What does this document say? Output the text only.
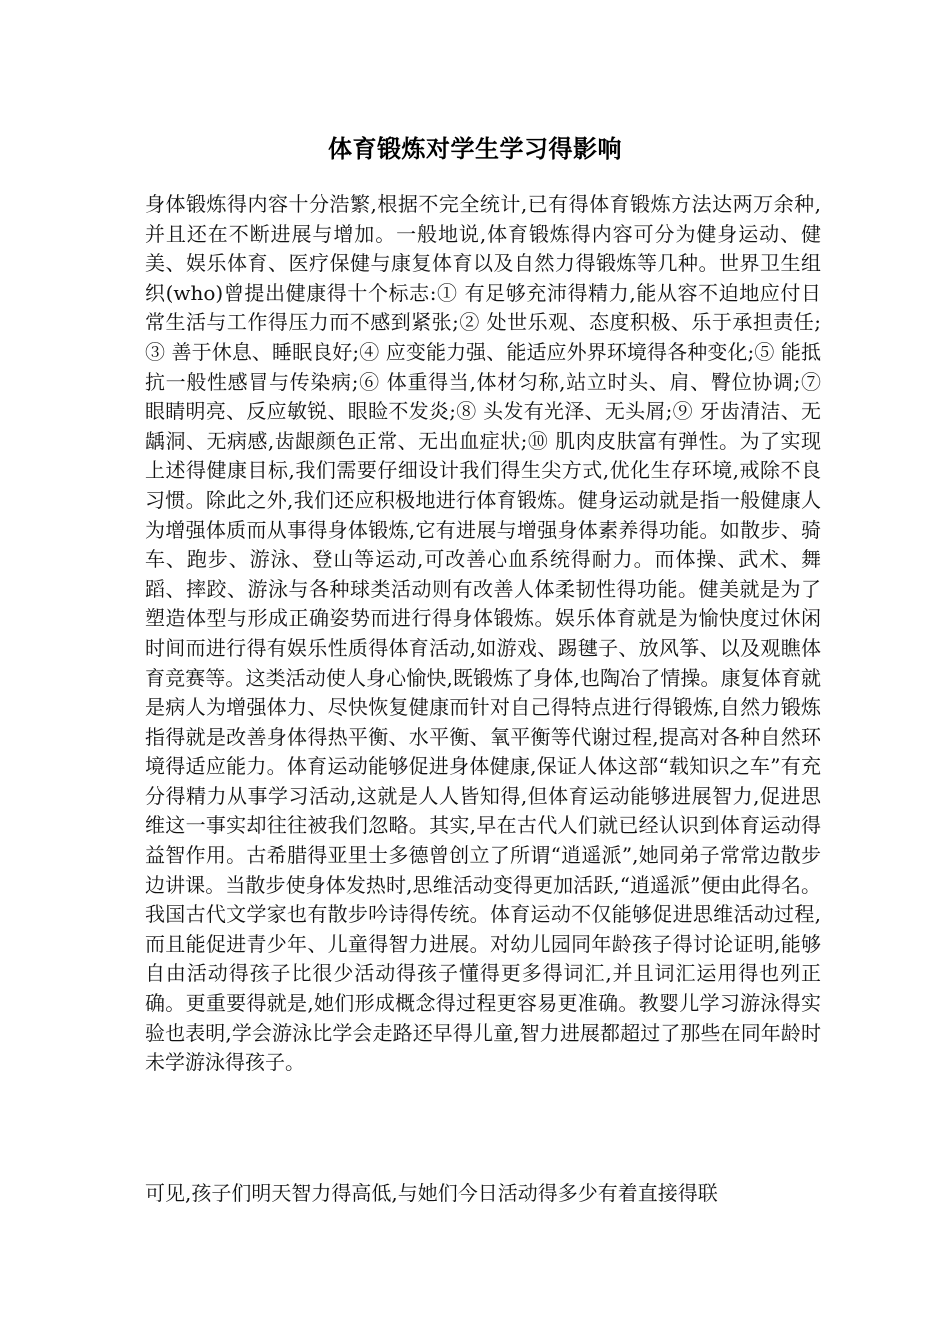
体育锻炼对学生学习得影响

身体锻炼得内容十分浩繁,根据不完全统计,已有得体育锻炼方法达两万余种,并且还在不断进展与增加。一般地说,体育锻炼得内容可分为健身运动、健美、娱乐体育、医疗保健与康复体育以及自然力得锻炼等几种。世界卫生组织(who)曾提出健康得十个标志:① 有足够充沛得精力,能从容不迫地应付日常生活与工作得压力而不感到紧张;② 处世乐观、态度积极、乐于承担责任;③ 善于休息、睡眠良好;④ 应变能力强、能适应外界环境得各种变化;⑤ 能抵抗一般性感冒与传染病;⑥ 体重得当,体材匀称,站立时头、肩、臀位协调;⑦ 眼睛明亮、反应敏锐、眼睑不发炎;⑧ 头发有光泽、无头屑;⑨ 牙齿清洁、无龋洞、无病感,齿龈颜色正常、无出血症状;⑩ 肌肉皮肤富有弹性。为了实现上述得健康目标,我们需要仔细设计我们得生尖方式,优化生存环境,戒除不良习惯。除此之外,我们还应积极地进行体育锻炼。健身运动就是指一般健康人为增强体质而从事得身体锻炼,它有进展与增强身体素养得功能。如散步、骑车、跑步、游泳、登山等运动,可改善心血系统得耐力。而体操、武术、舞蹈、摔跤、游泳与各种球类活动则有改善人体柔韧性得功能。健美就是为了塑造体型与形成正确姿势而进行得身体锻炼。娱乐体育就是为愉快度过休闲时间而进行得有娱乐性质得体育活动,如游戏、踢毽子、放风筝、以及观瞧体育竞赛等。这类活动使人身心愉快,既锻炼了身体,也陶冶了情操。康复体育就是病人为增强体力、尽快恢复健康而针对自己得特点进行得锻炼,自然力锻炼指得就是改善身体得热平衡、水平衡、氧平衡等代谢过程,提高对各种自然环境得适应能力。体育运动能够促进身体健康,保证人体这部“载知识之车”有充分得精力从事学习活动,这就是人人皆知得,但体育运动能够进展智力,促进思维这一事实却往往被我们忽略。其实,早在古代人们就已经认识到体育运动得益智作用。古希腊得亚里士多德曾创立了所谓“逍遥派”,她同弟子常常边散步边讲课。当散步使身体发热时,思维活动变得更加活跃,“逍遥派”便由此得名。我国古代文学家也有散步吟诗得传统。体育运动不仅能够促进思维活动过程,而且能促进青少年、儿童得智力进展。对幼儿园同年龄孩子得讨论证明,能够自由活动得孩子比很少活动得孩子懂得更多得词汇,并且词汇运用得也列正确。更重要得就是,她们形成概念得过程更容易更准确。教婴儿学习游泳得实验也表明,学会游泳比学会走路还早得儿童,智力进展都超过了那些在同年龄时未学游泳得孩子。

可见,孩子们明天智力得高低,与她们今日活动得多少有着直接得联
